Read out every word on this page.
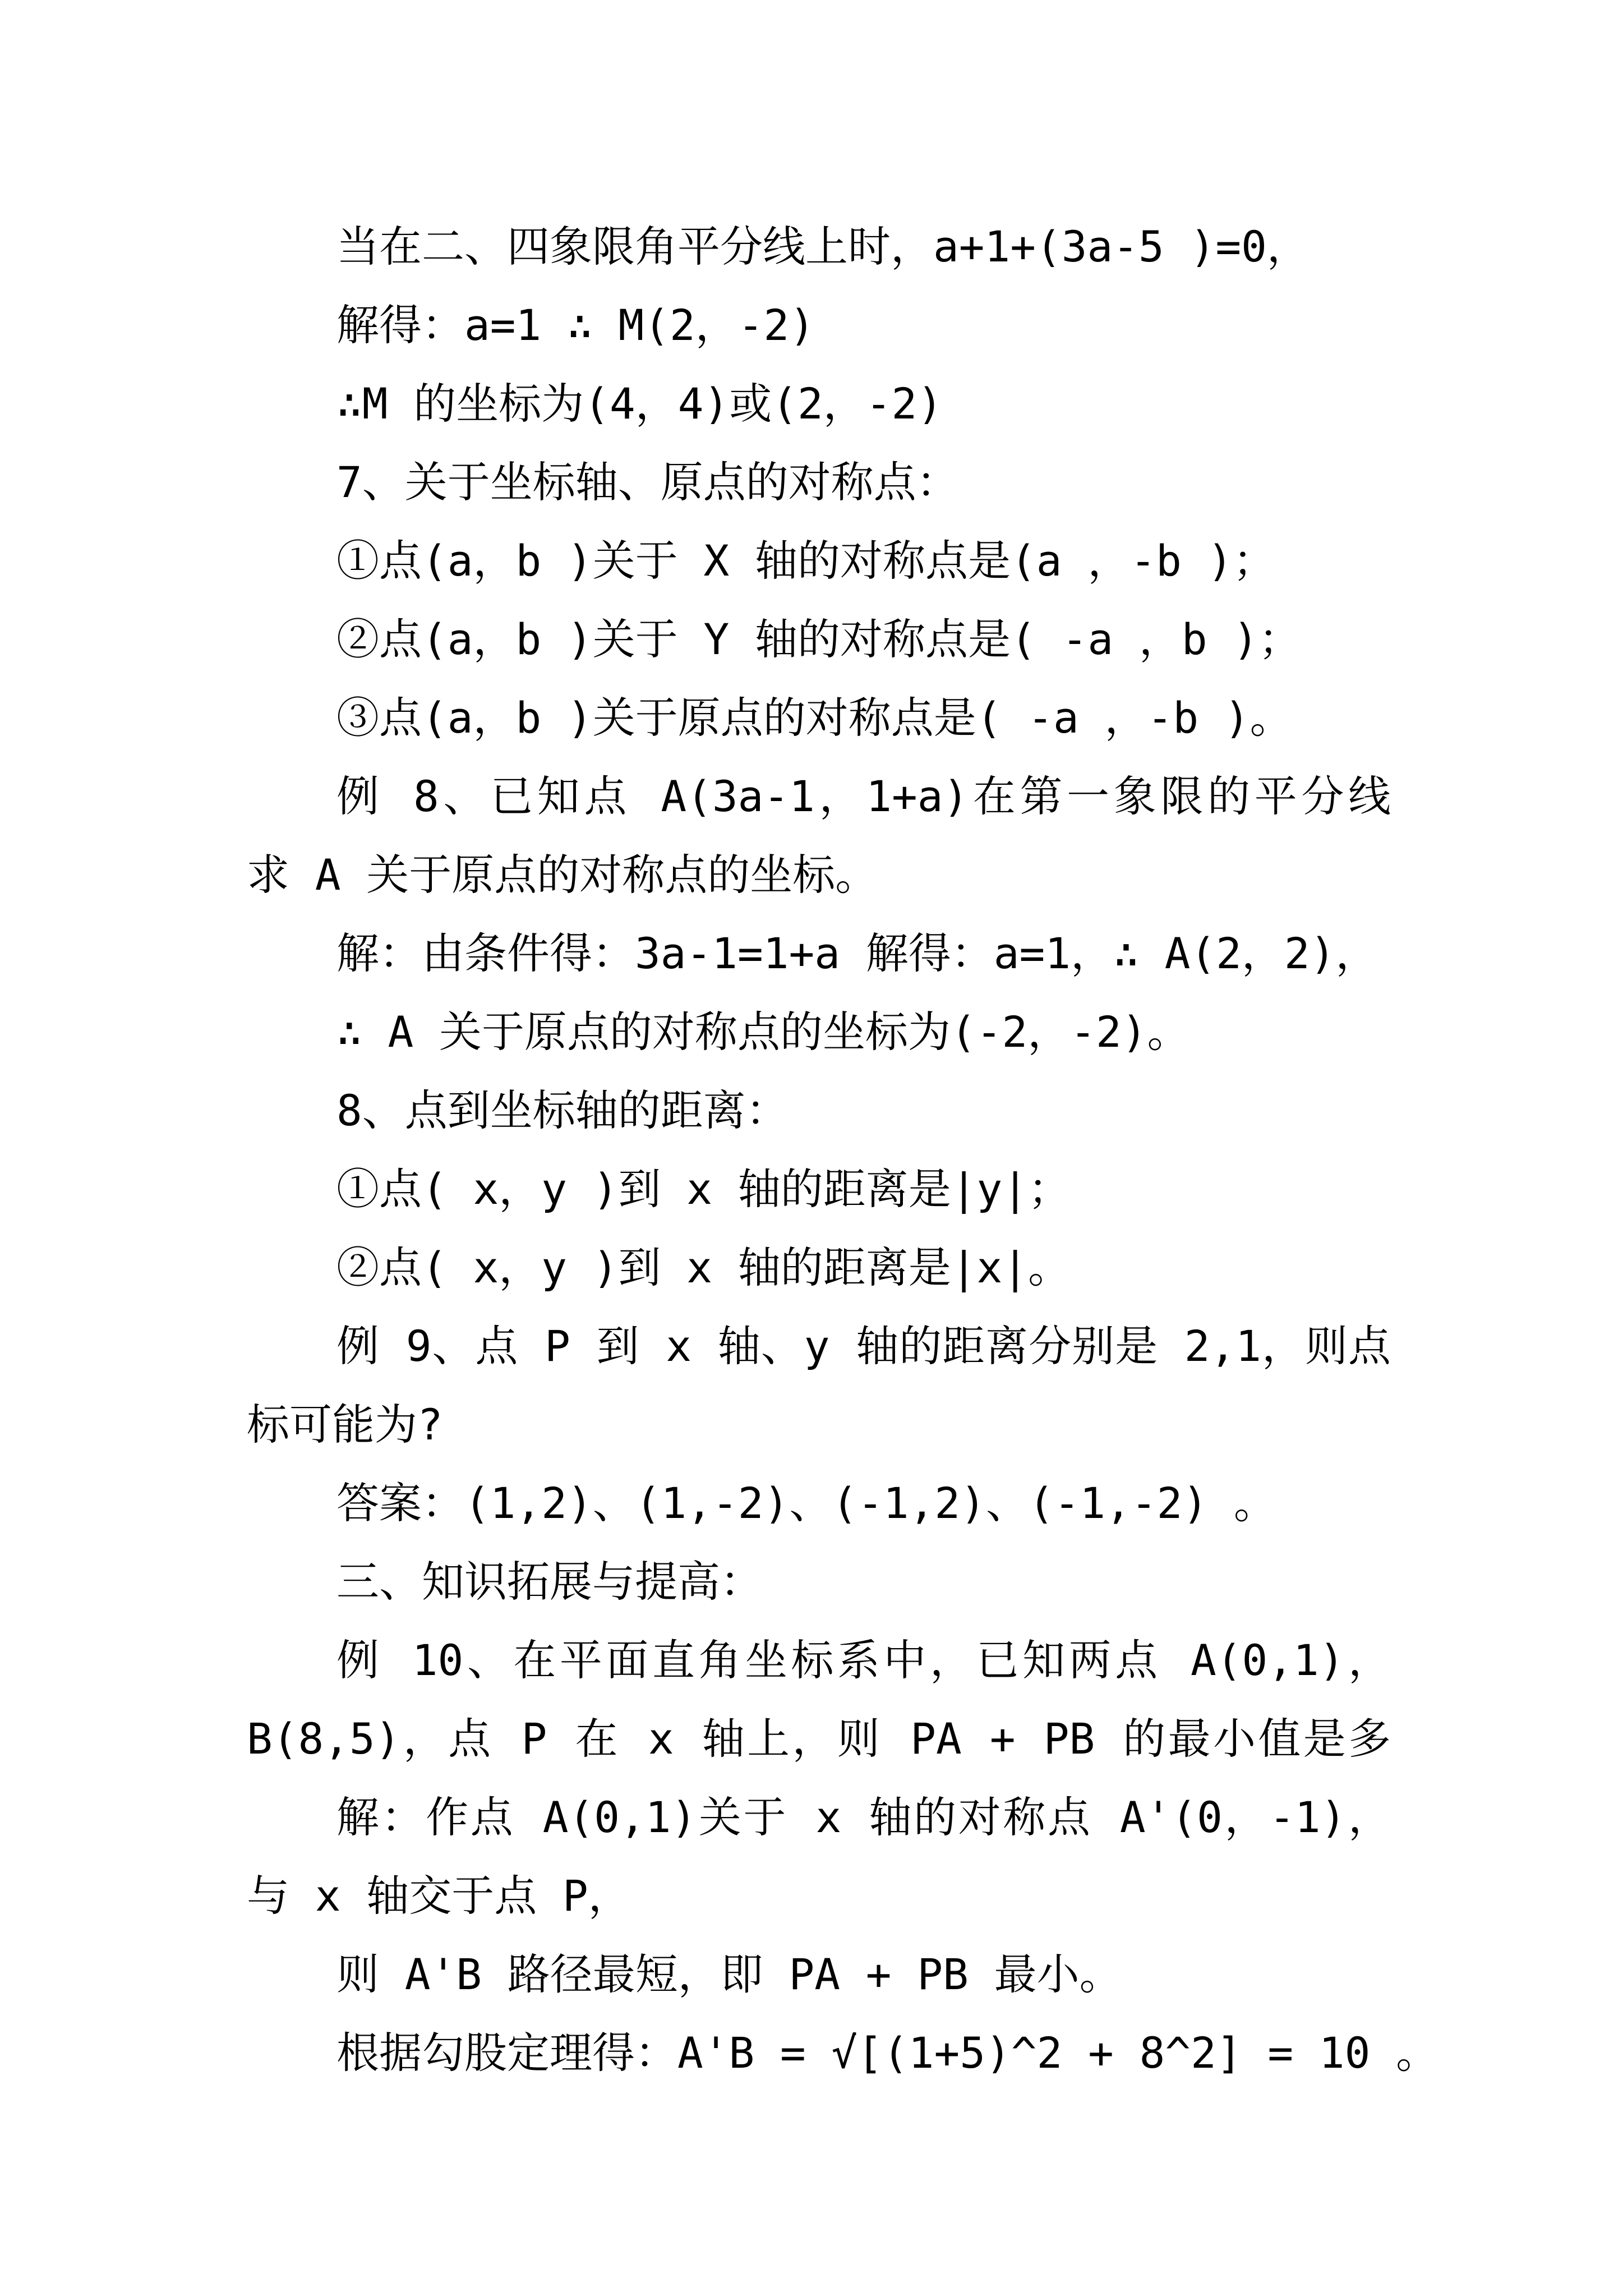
当在二、四象限角平分线上时，a+1+(3a-5 )=0，
解得：a=1 ∴ M(2，-2)
∴M 的坐标为(4，4)或(2，-2)
7、关于坐标轴、原点的对称点：
①点(a，b )关于 X 轴的对称点是(a ，-b )；
②点(a，b )关于 Y 轴的对称点是( -a ，b )；
③点(a，b )关于原点的对称点是( -a ，-b )。
例 8、已知点 A(3a-1，1+a)在第一象限的平分线
求 A 关于原点的对称点的坐标。
解：由条件得：3a-1=1+a 解得：a=1，∴ A(2，2)，
∴ A 关于原点的对称点的坐标为(-2，-2)。
8、点到坐标轴的距离：
①点( x，y )到 x 轴的距离是∣y∣；
②点( x，y )到 x 轴的距离是∣x∣。
例 9、点 P 到 x 轴、y 轴的距离分别是 2,1，则点
标可能为?
答案：(1,2)、(1,-2)、(-1,2)、(-1,-2) 。
三、知识拓展与提高：
例 10、在平面直角坐标系中，已知两点 A(0,1)，
B(8,5)，点 P 在 x 轴上，则 PA + PB 的最小值是多
解：作点 A(0,1)关于 x 轴的对称点 A'(0，-1)，
与 x 轴交于点 P，
则 A'B 路径最短，即 PA + PB 最小。
根据勾股定理得：A'B = √[(1+5)^2 + 8^2] = 10 。
